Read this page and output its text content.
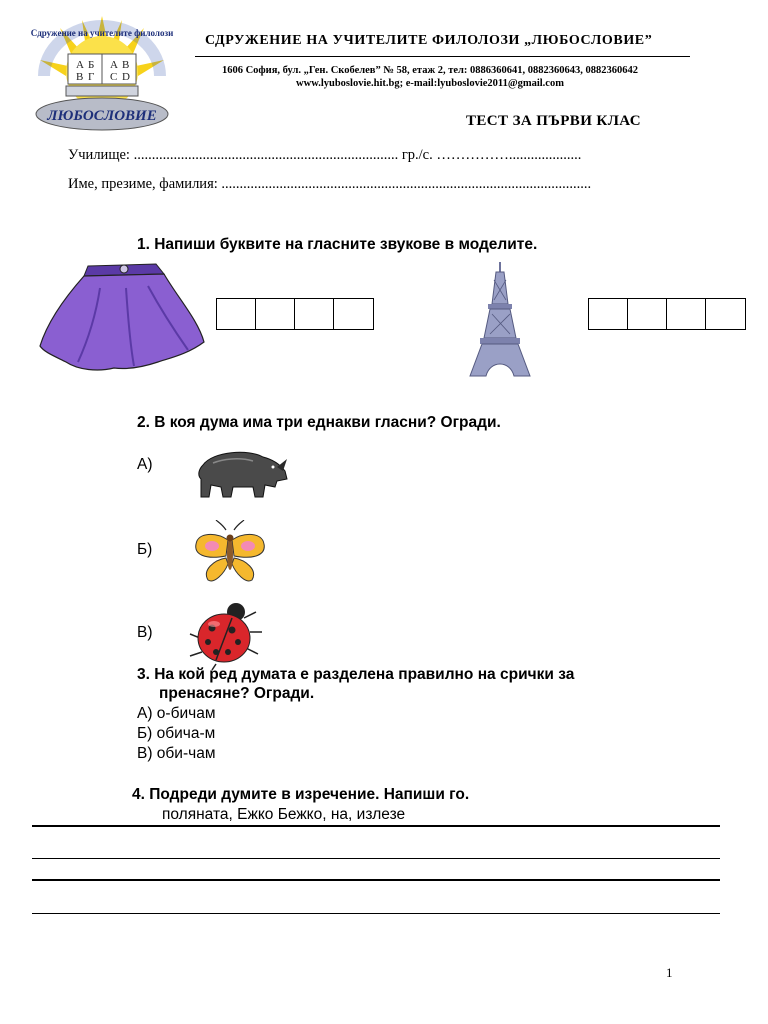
А Б
В Г
А В
С D
ЛЮБОСЛОВИЕ
Сдружение на учителите филолози СДРУЖЕНИЕ НА УЧИТЕЛИТЕ ФИЛОЛОЗИ „ЛЮБОСЛОВИЕ”
1606 София, бул. „Ген. Скобелев” № 58, етаж 2, тел: 0886360641, 0882360643, 0882360642
www.lyuboslovie.hit.bg; e-mail:lyuboslovie2011@gmail.com
ТЕСТ ЗА ПЪРВИ КЛАС
Училище: ......................................................................... гр./с. ……………....................
Име, презиме, фамилия: ......................................................................................................
1. Напиши буквите на гласните звукове в моделите.
2. В коя дума има три еднакви гласни? Огради.
А)
Б)
В)
3. На кой ред думата е разделена правилно на срички за
пренасяне? Огради.
А) о-бичам
Б) обича-м
В) оби-чам
4. Подреди думите в изречение. Напиши го.
поляната, Ежко Бежко, на, излезе
1
